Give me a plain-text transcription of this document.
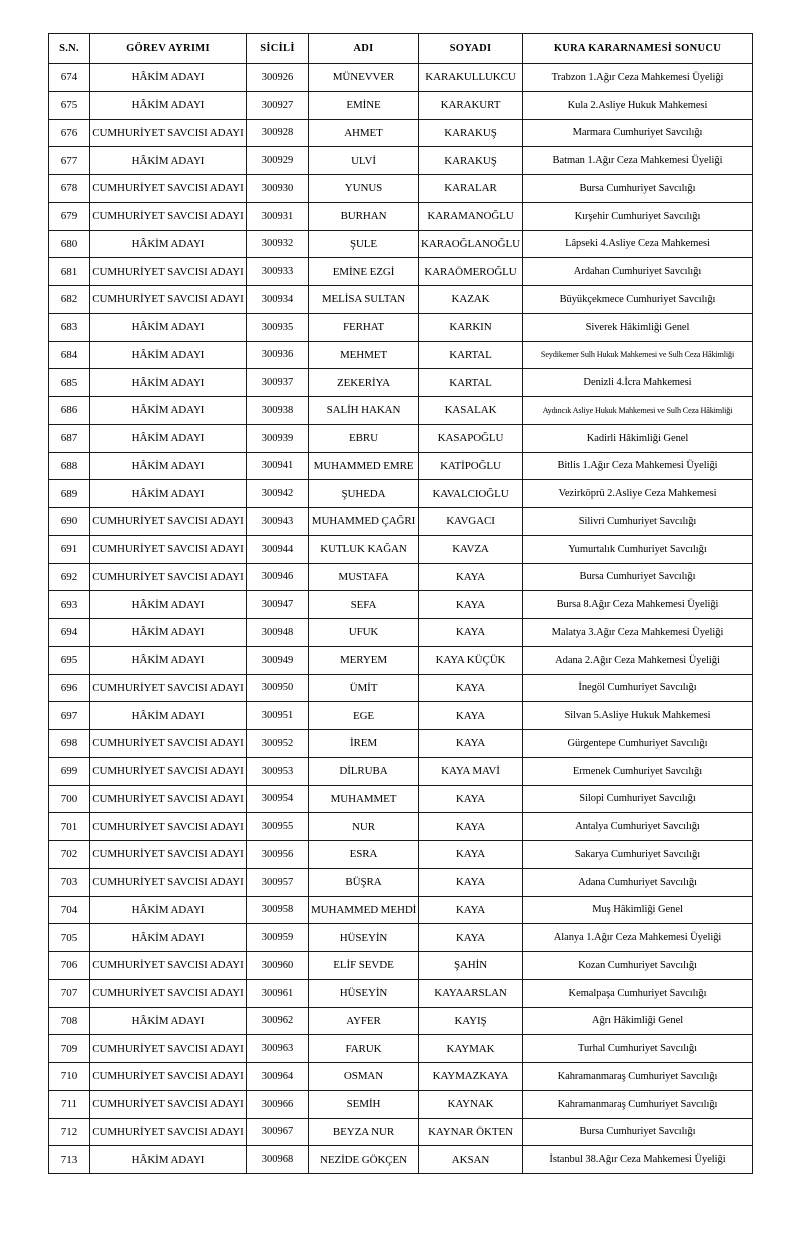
S.N.	GÖREV AYRIMI	SİCİLİ	ADI	SOYADI	KURA KARARNAMESİ SONUCU
674	HÂKİM ADAYI	300926	MÜNEVVER	KARAKULLUKCU	Trabzon 1.Ağır Ceza Mahkemesi Üyeliği
675	HÂKİM ADAYI	300927	EMİNE	KARAKURT	Kula 2.Asliye Hukuk Mahkemesi
676	CUMHURİYET SAVCISI ADAYI	300928	AHMET	KARAKUŞ	Marmara Cumhuriyet Savcılığı
677	HÂKİM ADAYI	300929	ULVİ	KARAKUŞ	Batman 1.Ağır Ceza Mahkemesi Üyeliği
678	CUMHURİYET SAVCISI ADAYI	300930	YUNUS	KARALAR	Bursa Cumhuriyet Savcılığı
679	CUMHURİYET SAVCISI ADAYI	300931	BURHAN	KARAMANOĞLU	Kırşehir Cumhuriyet Savcılığı
680	HÂKİM ADAYI	300932	ŞULE	KARAOĞLANOĞLU	Lâpseki 4.Asliye Ceza Mahkemesi
681	CUMHURİYET SAVCISI ADAYI	300933	EMİNE EZGİ	KARAÖMEROĞLU	Ardahan Cumhuriyet Savcılığı
682	CUMHURİYET SAVCISI ADAYI	300934	MELİSA SULTAN	KAZAK	Büyükçekmece Cumhuriyet Savcılığı
683	HÂKİM ADAYI	300935	FERHAT	KARKIN	Siverek Hâkimliği Genel
684	HÂKİM ADAYI	300936	MEHMET	KARTAL	Seydikemer Sulh Hukuk Mahkemesi ve Sulh Ceza Hâkimliği
685	HÂKİM ADAYI	300937	ZEKERİYA	KARTAL	Denizli 4.İcra Mahkemesi
686	HÂKİM ADAYI	300938	SALİH HAKAN	KASALAK	Aydıncık Asliye Hukuk Mahkemesi ve Sulh Ceza Hâkimliği
687	HÂKİM ADAYI	300939	EBRU	KASAPOĞLU	Kadirli Hâkimliği Genel
688	HÂKİM ADAYI	300941	MUHAMMED EMRE	KATİPOĞLU	Bitlis 1.Ağır Ceza Mahkemesi Üyeliği
689	HÂKİM ADAYI	300942	ŞUHEDA	KAVALCIOĞLU	Vezirköprü 2.Asliye Ceza Mahkemesi
690	CUMHURİYET SAVCISI ADAYI	300943	MUHAMMED ÇAĞRI	KAVGACI	Silivri Cumhuriyet Savcılığı
691	CUMHURİYET SAVCISI ADAYI	300944	KUTLUK KAĞAN	KAVZA	Yumurtalık Cumhuriyet Savcılığı
692	CUMHURİYET SAVCISI ADAYI	300946	MUSTAFA	KAYA	Bursa Cumhuriyet Savcılığı
693	HÂKİM ADAYI	300947	SEFA	KAYA	Bursa 8.Ağır Ceza Mahkemesi Üyeliği
694	HÂKİM ADAYI	300948	UFUK	KAYA	Malatya 3.Ağır Ceza Mahkemesi Üyeliği
695	HÂKİM ADAYI	300949	MERYEM	KAYA KÜÇÜK	Adana 2.Ağır Ceza Mahkemesi Üyeliği
696	CUMHURİYET SAVCISI ADAYI	300950	ÜMİT	KAYA	İnegöl Cumhuriyet Savcılığı
697	HÂKİM ADAYI	300951	EGE	KAYA	Silvan 5.Asliye Hukuk Mahkemesi
698	CUMHURİYET SAVCISI ADAYI	300952	İREM	KAYA	Gürgentepe Cumhuriyet Savcılığı
699	CUMHURİYET SAVCISI ADAYI	300953	DİLRUBA	KAYA MAVİ	Ermenek Cumhuriyet Savcılığı
700	CUMHURİYET SAVCISI ADAYI	300954	MUHAMMET	KAYA	Silopi Cumhuriyet Savcılığı
701	CUMHURİYET SAVCISI ADAYI	300955	NUR	KAYA	Antalya Cumhuriyet Savcılığı
702	CUMHURİYET SAVCISI ADAYI	300956	ESRA	KAYA	Sakarya Cumhuriyet Savcılığı
703	CUMHURİYET SAVCISI ADAYI	300957	BÜŞRA	KAYA	Adana Cumhuriyet Savcılığı
704	HÂKİM ADAYI	300958	MUHAMMED MEHDİ	KAYA	Muş Hâkimliği Genel
705	HÂKİM ADAYI	300959	HÜSEYİN	KAYA	Alanya 1.Ağır Ceza Mahkemesi Üyeliği
706	CUMHURİYET SAVCISI ADAYI	300960	ELİF SEVDE	ŞAHİN	Kozan Cumhuriyet Savcılığı
707	CUMHURİYET SAVCISI ADAYI	300961	HÜSEYİN	KAYAARSLAN	Kemalpaşa Cumhuriyet Savcılığı
708	HÂKİM ADAYI	300962	AYFER	KAYIŞ	Ağrı Hâkimliği Genel
709	CUMHURİYET SAVCISI ADAYI	300963	FARUK	KAYMAK	Turhal Cumhuriyet Savcılığı
710	CUMHURİYET SAVCISI ADAYI	300964	OSMAN	KAYMAZKAYA	Kahramanmaraş Cumhuriyet Savcılığı
711	CUMHURİYET SAVCISI ADAYI	300966	SEMİH	KAYNAK	Kahramanmaraş Cumhuriyet Savcılığı
712	CUMHURİYET SAVCISI ADAYI	300967	BEYZA NUR	KAYNAR ÖKTEN	Bursa Cumhuriyet Savcılığı
713	HÂKİM ADAYI	300968	NEZİDE GÖKÇEN	AKSAN	İstanbul 38.Ağır Ceza Mahkemesi Üyeliği
